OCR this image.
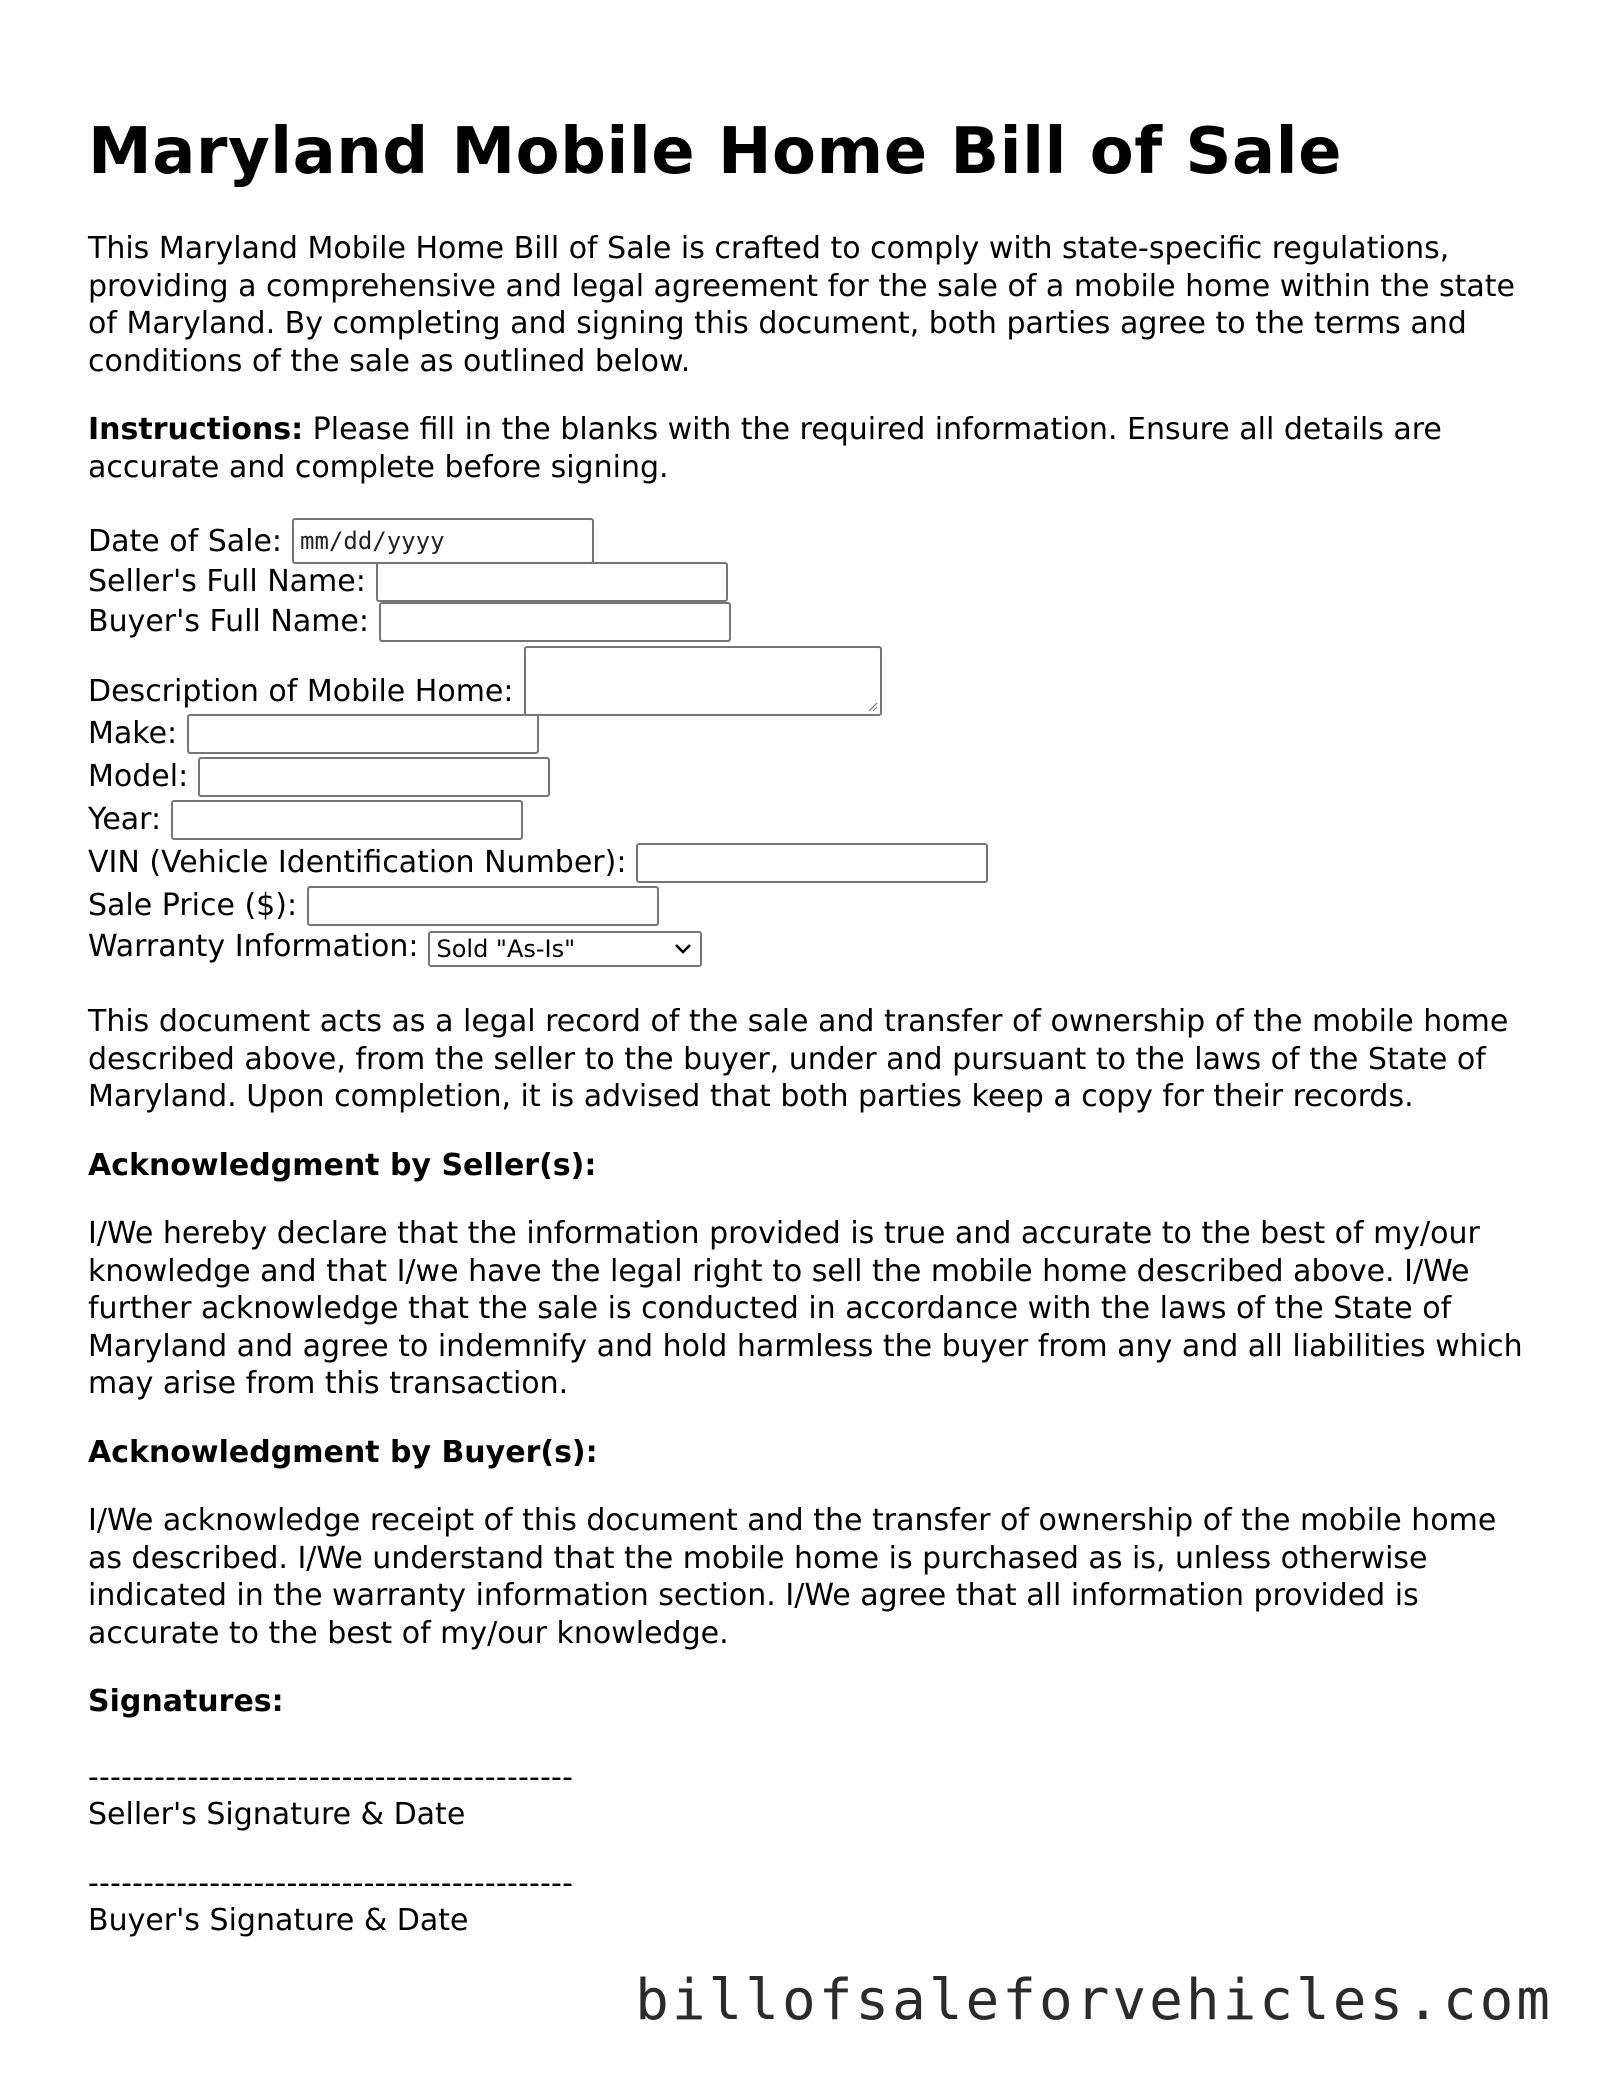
Maryland Mobile Home Bill of Sale

This Maryland Mobile Home Bill of Sale is crafted to comply with state-specific regulations, providing a comprehensive and legal agreement for the sale of a mobile home within the state of Maryland. By completing and signing this document, both parties agree to the terms and conditions of the sale as outlined below.

Instructions: Please fill in the blanks with the required information. Ensure all details are accurate and complete before signing.

Date of Sale: mm/dd/yyyy
Seller's Full Name:
Buyer's Full Name:
Description of Mobile Home:
Make:
Model:
Year:
VIN (Vehicle Identification Number):
Sale Price ($):
Warranty Information: Sold "As-Is"

This document acts as a legal record of the sale and transfer of ownership of the mobile home described above, from the seller to the buyer, under and pursuant to the laws of the State of Maryland. Upon completion, it is advised that both parties keep a copy for their records.

Acknowledgment by Seller(s):

I/We hereby declare that the information provided is true and accurate to the best of my/our knowledge and that I/we have the legal right to sell the mobile home described above. I/We further acknowledge that the sale is conducted in accordance with the laws of the State of Maryland and agree to indemnify and hold harmless the buyer from any and all liabilities which may arise from this transaction.

Acknowledgment by Buyer(s):

I/We acknowledge receipt of this document and the transfer of ownership of the mobile home as described. I/We understand that the mobile home is purchased as is, unless otherwise indicated in the warranty information section. I/We agree that all information provided is accurate to the best of my/our knowledge.

Signatures:
--------------------------------------------
Seller's Signature & Date
--------------------------------------------
Buyer's Signature & Date
billofsaleforvehicles.com
